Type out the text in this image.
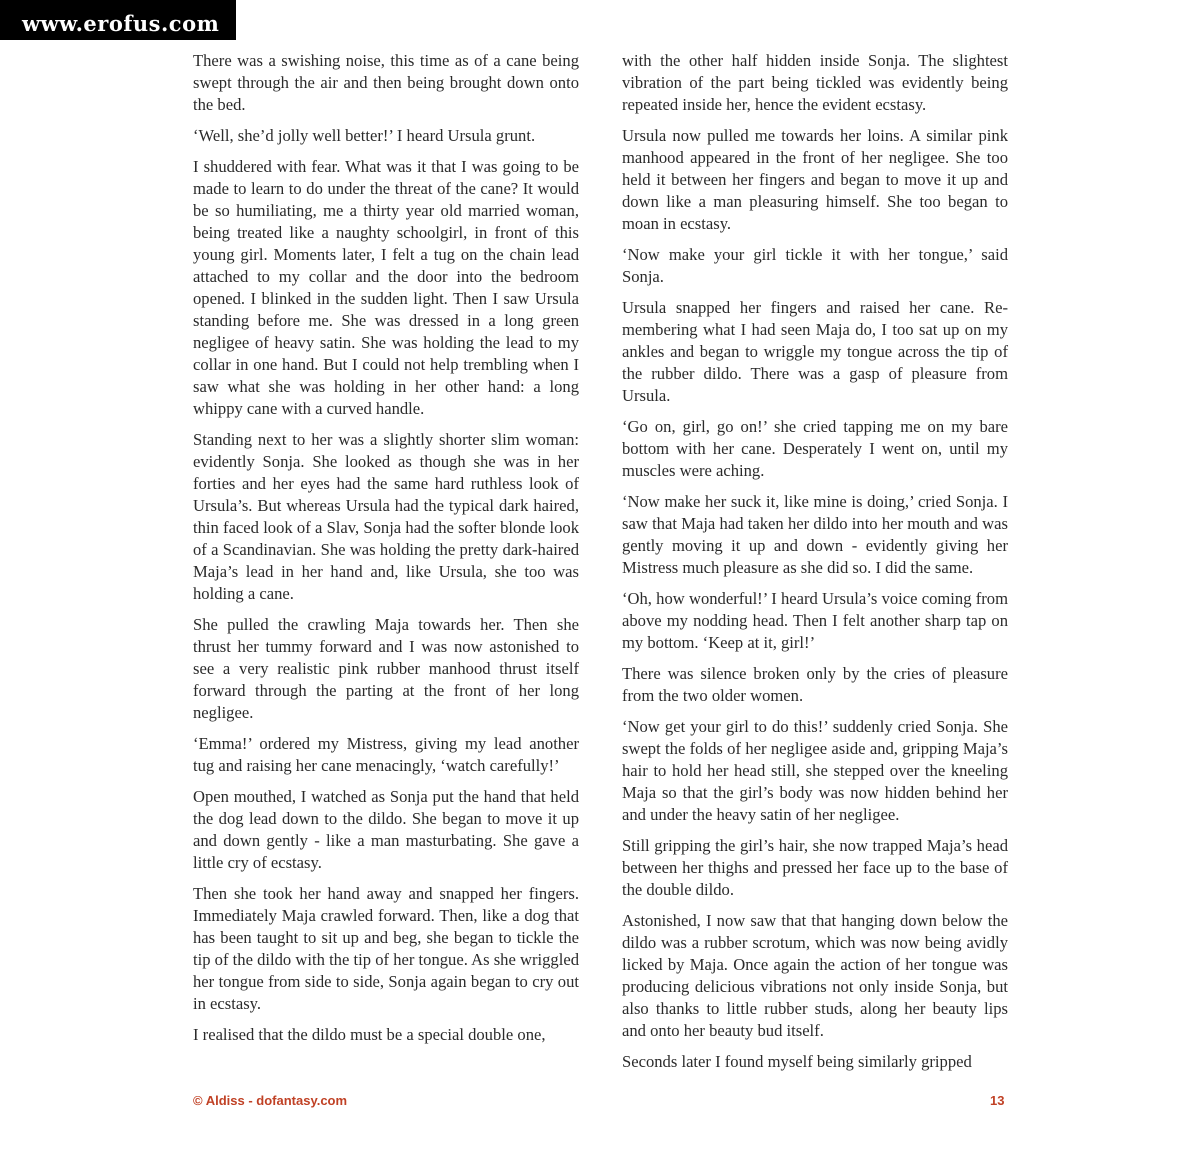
www.erofus.com

There was a swishing noise, this time as of a cane being swept through the air and then being brought down onto the bed.

‘Well, she’d jolly well better!’ I heard Ursula grunt.

I shuddered with fear. What was it that I was going to be made to learn to do under the threat of the cane? It would be so humiliating, me a thirty year old married woman, being treated like a naughty schoolgirl, in front of this young girl. Moments later, I felt a tug on the chain lead attached to my collar and the door into the bedroom opened. I blinked in the sudden light. Then I saw Ursula standing before me. She was dressed in a long green negligee of heavy satin. She was holding the lead to my collar in one hand. But I could not help trembling when I saw what she was holding in her other hand: a long whippy cane with a curved handle.

Standing next to her was a slightly shorter slim woman: evidently Sonja. She looked as though she was in her forties and her eyes had the same hard ruthless look of Ursula’s. But whereas Ursula had the typical dark haired, thin faced look of a Slav, Sonja had the softer blonde look of a Scandinavian. She was holding the pretty dark-haired Maja’s lead in her hand and, like Ursula, she too was holding a cane.

She pulled the crawling Maja towards her. Then she thrust her tummy forward and I was now astonished to see a very realistic pink rubber manhood thrust itself forward through the parting at the front of her long negligee.

‘Emma!’ ordered my Mistress, giving my lead another tug and raising her cane menacingly, ‘watch carefully!’

Open mouthed, I watched as Sonja put the hand that held the dog lead down to the dildo. She began to move it up and down gently - like a man masturbating. She gave a little cry of ecstasy.

Then she took her hand away and snapped her fingers. Immediately Maja crawled forward. Then, like a dog that has been taught to sit up and beg, she began to tickle the tip of the dildo with the tip of her tongue. As she wriggled her tongue from side to side, Sonja again began to cry out in ecstasy.

I realised that the dildo must be a special double one,

with the other half hidden inside Sonja. The slightest vibration of the part being tickled was evidently being repeated inside her, hence the evident ecstasy.

Ursula now pulled me towards her loins. A similar pink manhood appeared in the front of her negligee. She too held it between her fingers and began to move it up and down like a man pleasuring himself. She too began to moan in ecstasy.

‘Now make your girl tickle it with her tongue,’ said Sonja.

Ursula snapped her fingers and raised her cane. Remembering what I had seen Maja do, I too sat up on my ankles and began to wriggle my tongue across the tip of the rubber dildo. There was a gasp of pleasure from Ursula.

‘Go on, girl, go on!’ she cried tapping me on my bare bottom with her cane. Desperately I went on, until my muscles were aching.

‘Now make her suck it, like mine is doing,’ cried Sonja. I saw that Maja had taken her dildo into her mouth and was gently moving it up and down - evidently giving her Mistress much pleasure as she did so. I did the same.

‘Oh, how wonderful!’ I heard Ursula’s voice coming from above my nodding head. Then I felt another sharp tap on my bottom. ‘Keep at it, girl!’

There was silence broken only by the cries of pleasure from the two older women.

‘Now get your girl to do this!’ suddenly cried Sonja. She swept the folds of her negligee aside and, gripping Maja’s hair to hold her head still, she stepped over the kneeling Maja so that the girl’s body was now hidden behind her and under the heavy satin of her negligee.

Still gripping the girl’s hair, she now trapped Maja’s head between her thighs and pressed her face up to the base of the double dildo.

Astonished, I now saw that that hanging down below the dildo was a rubber scrotum, which was now being avidly licked by Maja. Once again the action of her tongue was producing delicious vibrations not only inside Sonja, but also thanks to little rubber studs, along her beauty lips and onto her beauty bud itself.

Seconds later I found myself being similarly gripped

© Aldiss - dofantasy.com	13
